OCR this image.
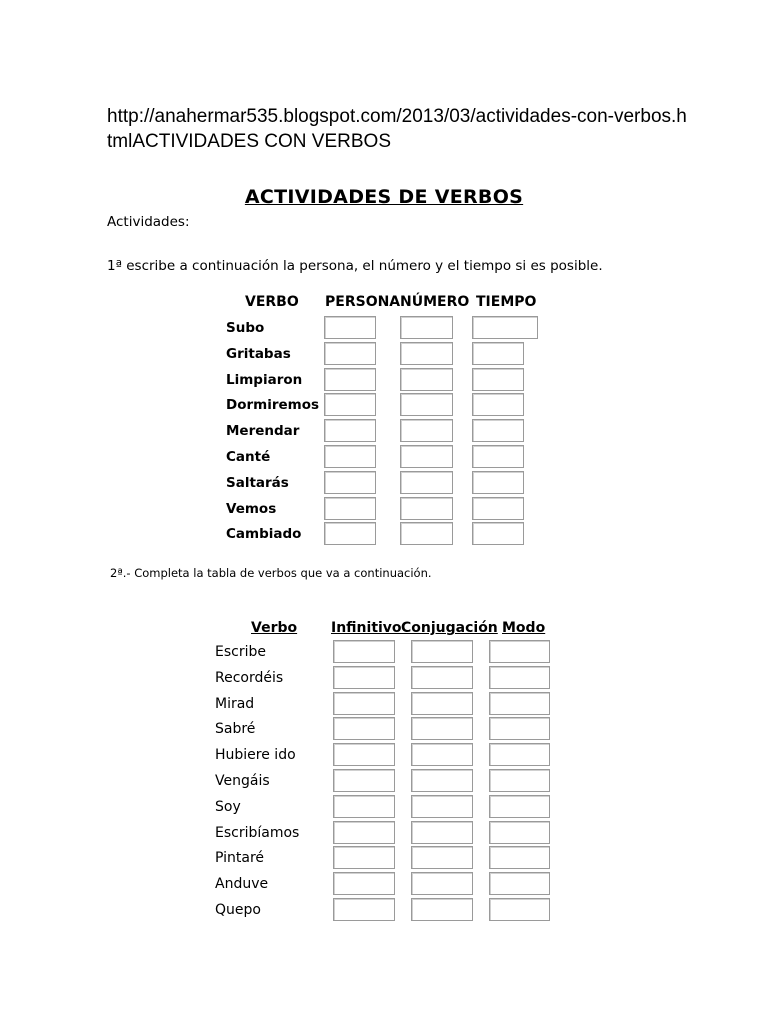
http://anahermar535.blogspot.com/2013/03/actividades-con-verbos.htmlACTIVIDADES CON VERBOS
ACTIVIDADES DE VERBOS
Actividades:
1ª escribe a continuación la persona, el número y el tiempo si es posible.
VERBO PERSONA NÚMERO TIEMPO
Subo
Gritabas
Limpiaron
Dormiremos
Merendar
Canté
Saltarás
Vemos
Cambiado
2ª.- Completa la tabla de verbos que va a continuación.
Verbo Infinitivo Conjugación Modo
Escribe
Recordéis
Mirad
Sabré
Hubiere ido
Vengáis
Soy
Escribíamos
Pintaré
Anduve
Quepo
